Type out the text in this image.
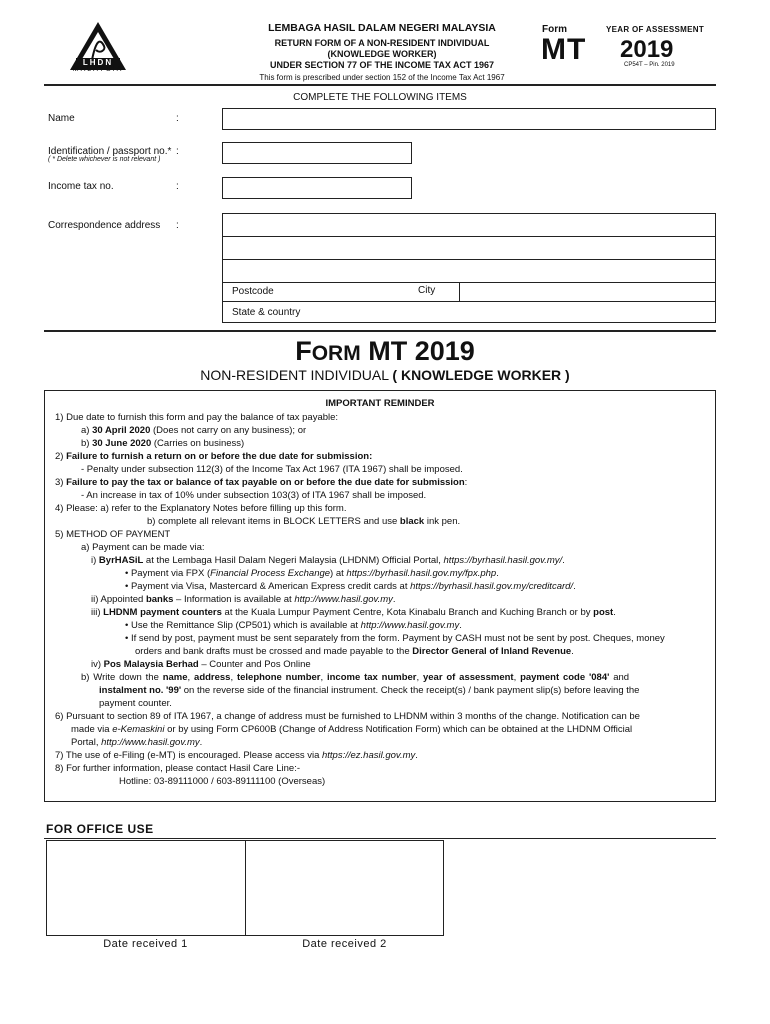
LHDN
MALAYSIA
LEMBAGA HASIL DALAM NEGERI MALAYSIA
RETURN FORM OF A NON-RESIDENT INDIVIDUAL
(KNOWLEDGE WORKER)
UNDER SECTION 77 OF THE INCOME TAX ACT 1967
This form is prescribed under section 152 of the Income Tax Act 1967
Form
MT
YEAR OF ASSESSMENT
2019
CP54T – Pin. 2019
COMPLETE THE FOLLOWING ITEMS
Name	:
Identification / passport no.* :
( * Delete whichever is not relevant )
Income tax no.	:
Correspondence address :
Postcode	City
State & country
FORM MT 2019
NON-RESIDENT INDIVIDUAL ( KNOWLEDGE WORKER )
IMPORTANT REMINDER
1) Due date to furnish this form and pay the balance of tax payable:
a) 30 April 2020 (Does not carry on any business); or
b) 30 June 2020 (Carries on business)
2) Failure to furnish a return on or before the due date for submission:
- Penalty under subsection 112(3) of the Income Tax Act 1967 (ITA 1967) shall be imposed.
3) Failure to pay the tax or balance of tax payable on or before the due date for submission:
- An increase in tax of 10% under subsection 103(3) of ITA 1967 shall be imposed.
4) Please: a) refer to the Explanatory Notes before filling up this form.
b) complete all relevant items in BLOCK LETTERS and use black ink pen.
5) METHOD OF PAYMENT
a) Payment can be made via:
i) ByrHASiL at the Lembaga Hasil Dalam Negeri Malaysia (LHDNM) Official Portal, https://byrhasil.hasil.gov.my/.
• Payment via FPX (Financial Process Exchange) at https://byrhasil.hasil.gov.my/fpx.php.
• Payment via Visa, Mastercard & American Express credit cards at https://byrhasil.hasil.gov.my/creditcard/.
ii) Appointed banks – Information is available at http://www.hasil.gov.my.
iii) LHDNM payment counters at the Kuala Lumpur Payment Centre, Kota Kinabalu Branch and Kuching Branch or by post.
• Use the Remittance Slip (CP501) which is available at http://www.hasil.gov.my.
• If send by post, payment must be sent separately from the form. Payment by CASH must not be sent by post. Cheques, money
orders and bank drafts must be crossed and made payable to the Director General of Inland Revenue.
iv) Pos Malaysia Berhad – Counter and Pos Online
b) Write down the name, address, telephone number, income tax number, year of assessment, payment code '084' and
instalment no. '99' on the reverse side of the financial instrument. Check the receipt(s) / bank payment slip(s) before leaving the
payment counter.
6) Pursuant to section 89 of ITA 1967, a change of address must be furnished to LHDNM within 3 months of the change. Notification can be
made via e-Kemaskini or by using Form CP600B (Change of Address Notification Form) which can be obtained at the LHDNM Official
Portal, http://www.hasil.gov.my.
7) The use of e-Filing (e-MT) is encouraged. Please access via https://ez.hasil.gov.my.
8) For further information, please contact Hasil Care Line:-
Hotline: 03-89111000 / 603-89111100 (Overseas)
FOR OFFICE USE
Date received 1	Date received 2
